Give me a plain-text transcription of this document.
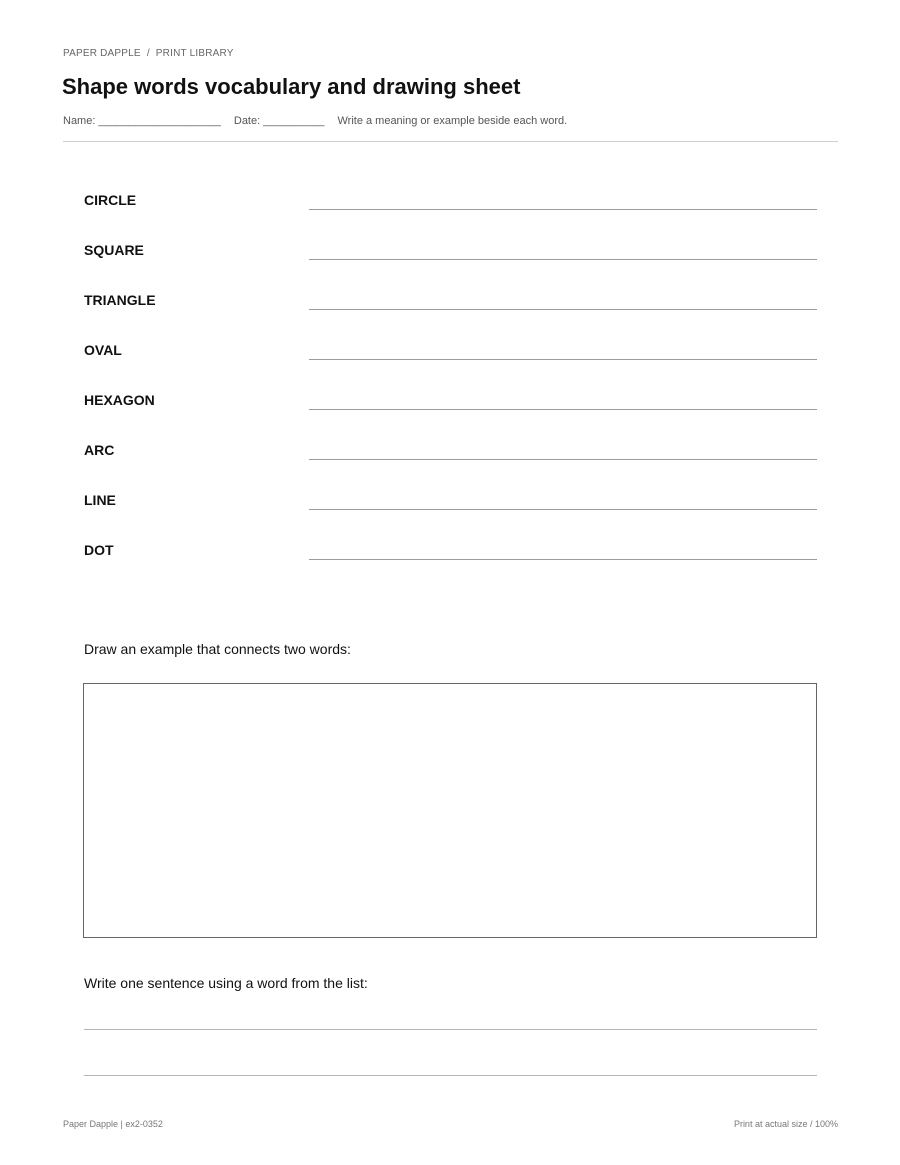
PAPER DAPPLE / PRINT LIBRARY
Shape words vocabulary and drawing sheet
Name: ____________________ Date: __________ Write a meaning or example beside each word.
CIRCLE
SQUARE
TRIANGLE
OVAL
HEXAGON
ARC
LINE
DOT
Draw an example that connects two words:
Write one sentence using a word from the list:
Paper Dapple | ex2-0352	Print at actual size / 100%
